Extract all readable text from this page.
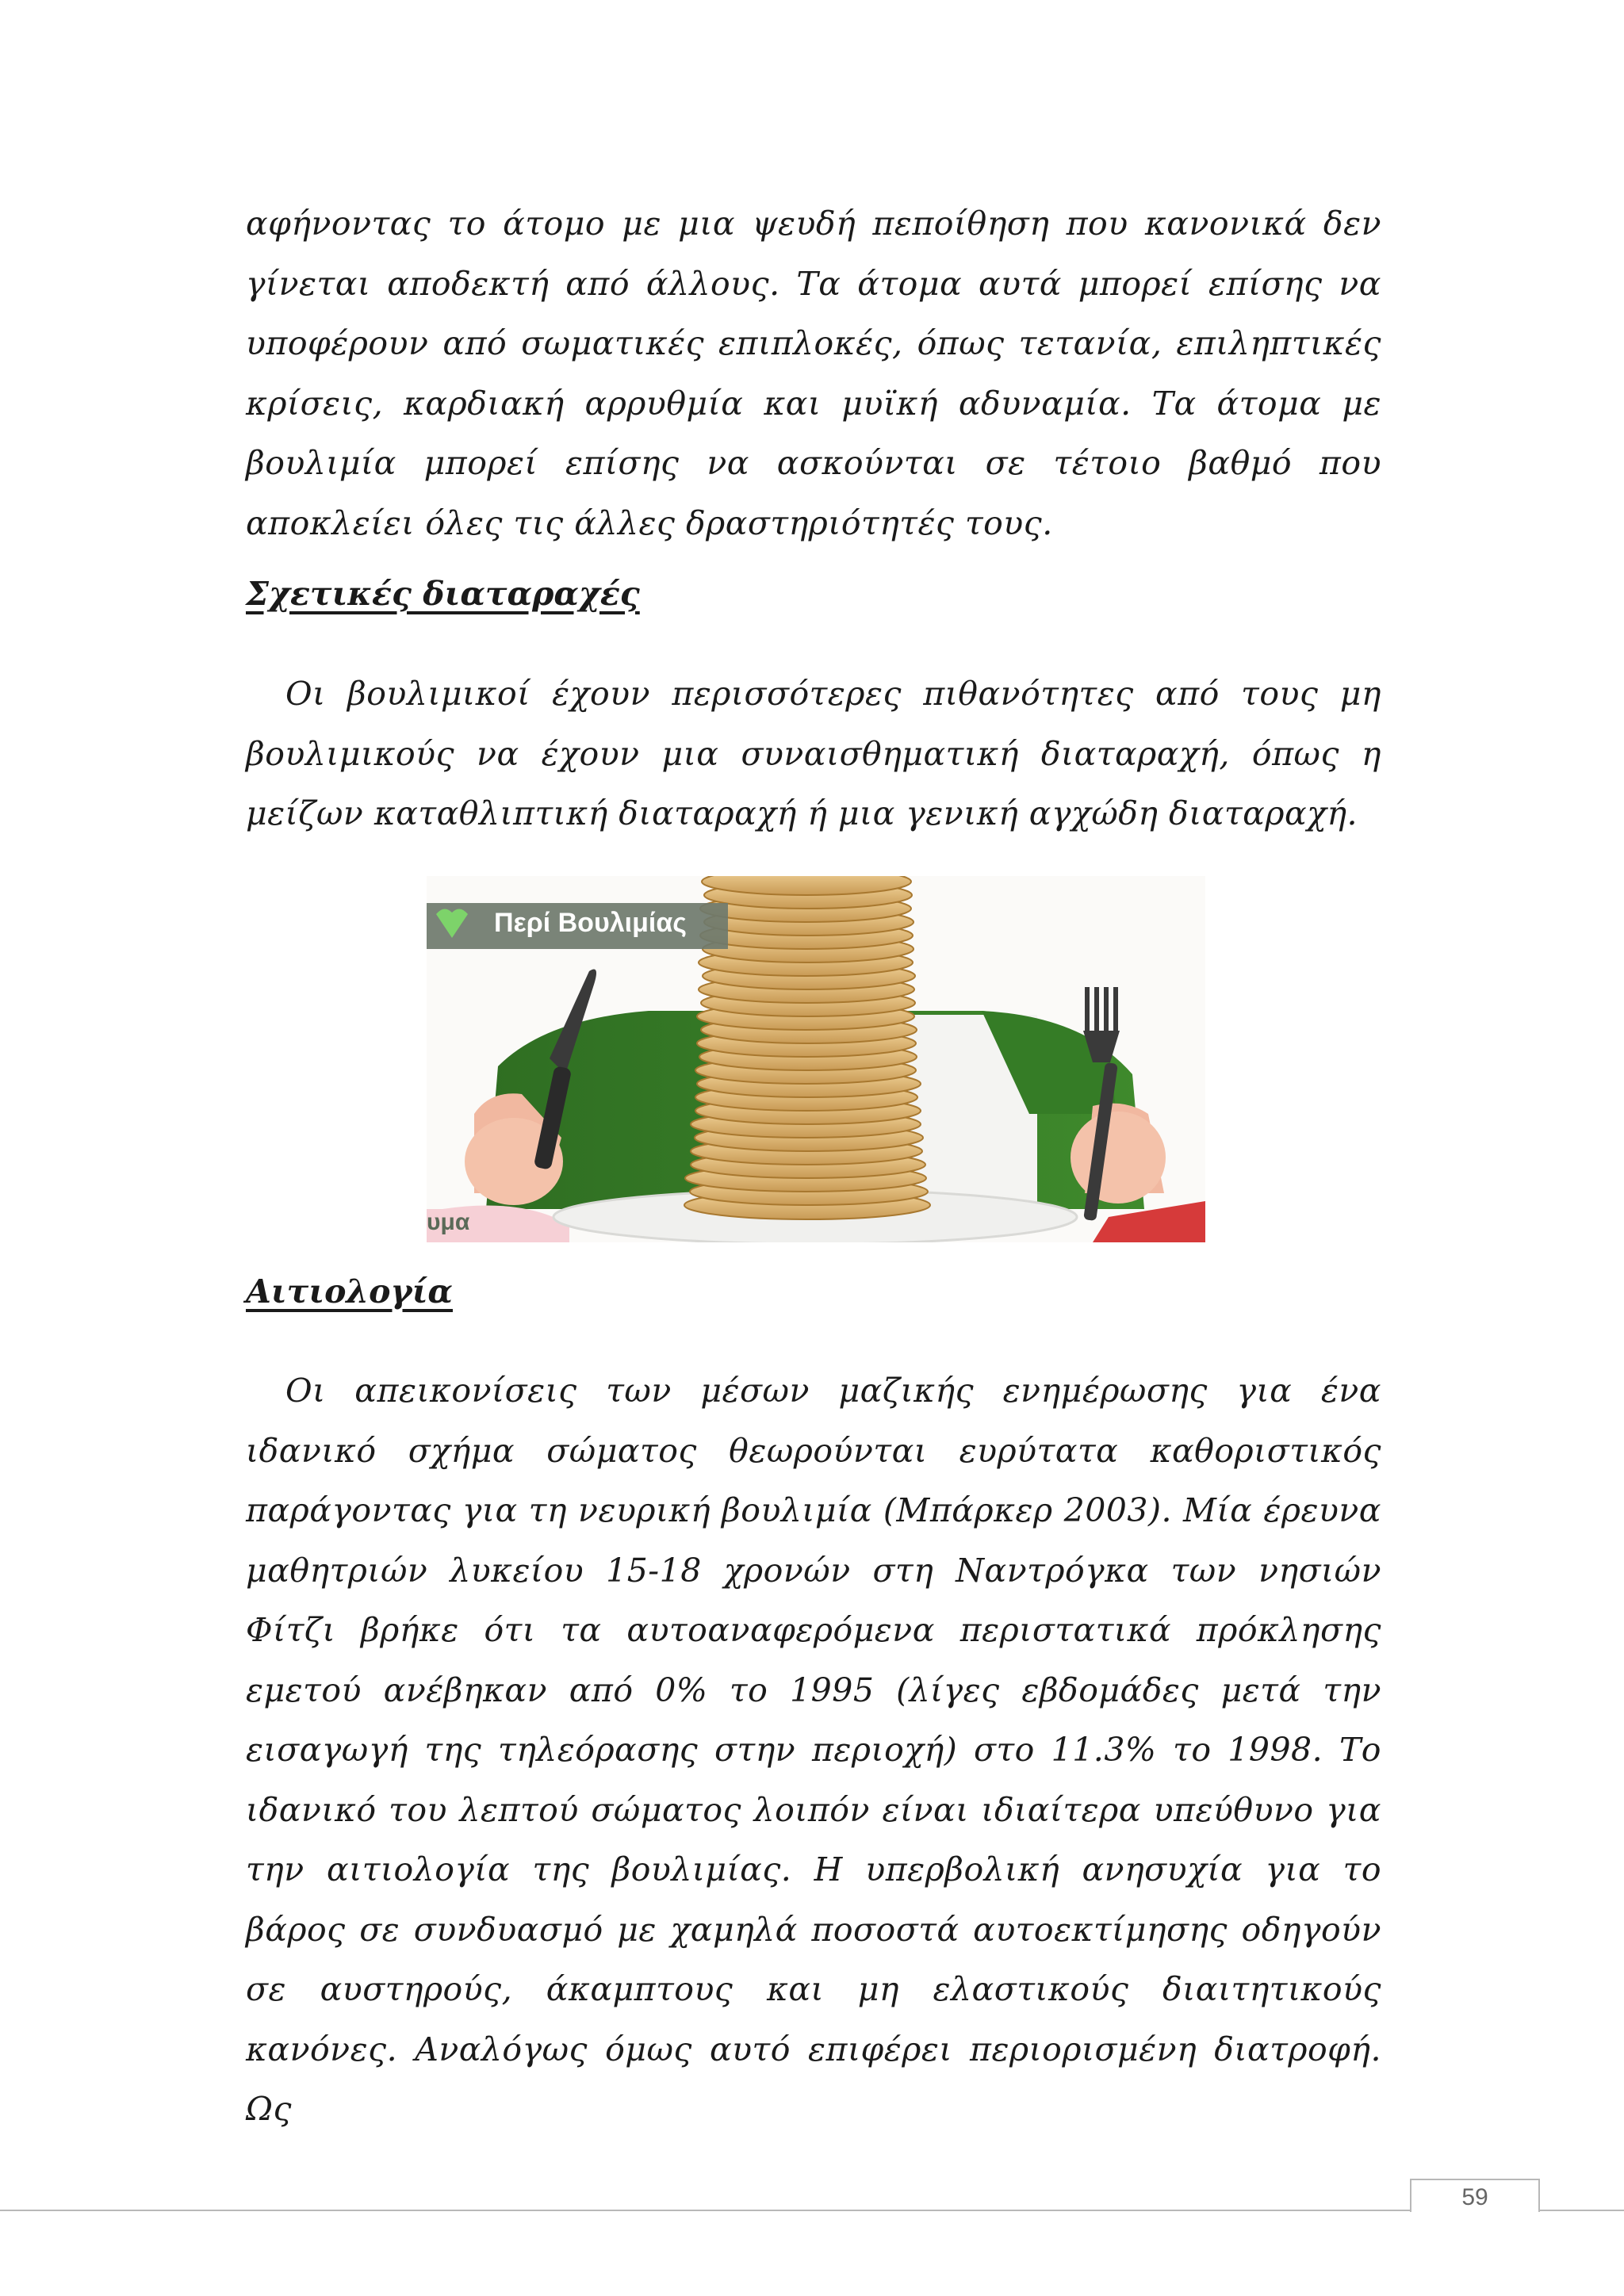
αφήνοντας το άτομο με μια ψευδή πεποίθηση που κανονικά δεν γίνεται αποδεκτή από άλλους. Τα άτομα αυτά μπορεί επίσης να υποφέρουν από σωματικές επιπλοκές, όπως τετανία, επιληπτικές κρίσεις, καρδιακή αρρυθμία και μυϊκή αδυναμία. Τα άτομα με βουλιμία μπορεί επίσης να ασκούνται σε τέτοιο βαθμό που αποκλείει όλες τις άλλες δραστηριότητές τους.

Σχετικές διαταραχές

Οι βουλιμικοί έχουν περισσότερες πιθανότητες από τους μη βουλιμικούς να έχουν μια συναισθηματική διαταραχή, όπως η μείζων καταθλιπτική διαταραχή ή μια γενική αγχώδη διαταραχή.

Περί Βουλιμίας
υμα
Αιτιολογία

Οι απεικονίσεις των μέσων μαζικής ενημέρωσης για ένα ιδανικό σχήμα σώματος θεωρούνται ευρύτατα καθοριστικός παράγοντας για τη νευρική βουλιμία (Μπάρκερ 2003). Μία έρευνα μαθητριών λυκείου 15-18 χρονών στη Ναντρόγκα των νησιών Φίτζι βρήκε ότι τα αυτοαναφερόμενα περιστατικά πρόκλησης εμετού ανέβηκαν από 0% το 1995 (λίγες εβδομάδες μετά την εισαγωγή της τηλεόρασης στην περιοχή) στο 11.3% το 1998. Το ιδανικό του λεπτού σώματος λοιπόν είναι ιδιαίτερα υπεύθυνο για την αιτιολογία της βουλιμίας. Η υπερβολική ανησυχία για το βάρος σε συνδυασμό με χαμηλά ποσοστά αυτοεκτίμησης οδηγούν σε αυστηρούς, άκαμπτους και μη ελαστικούς διαιτητικούς κανόνες. Αναλόγως όμως αυτό επιφέρει περιορισμένη διατροφή. Ως

59
